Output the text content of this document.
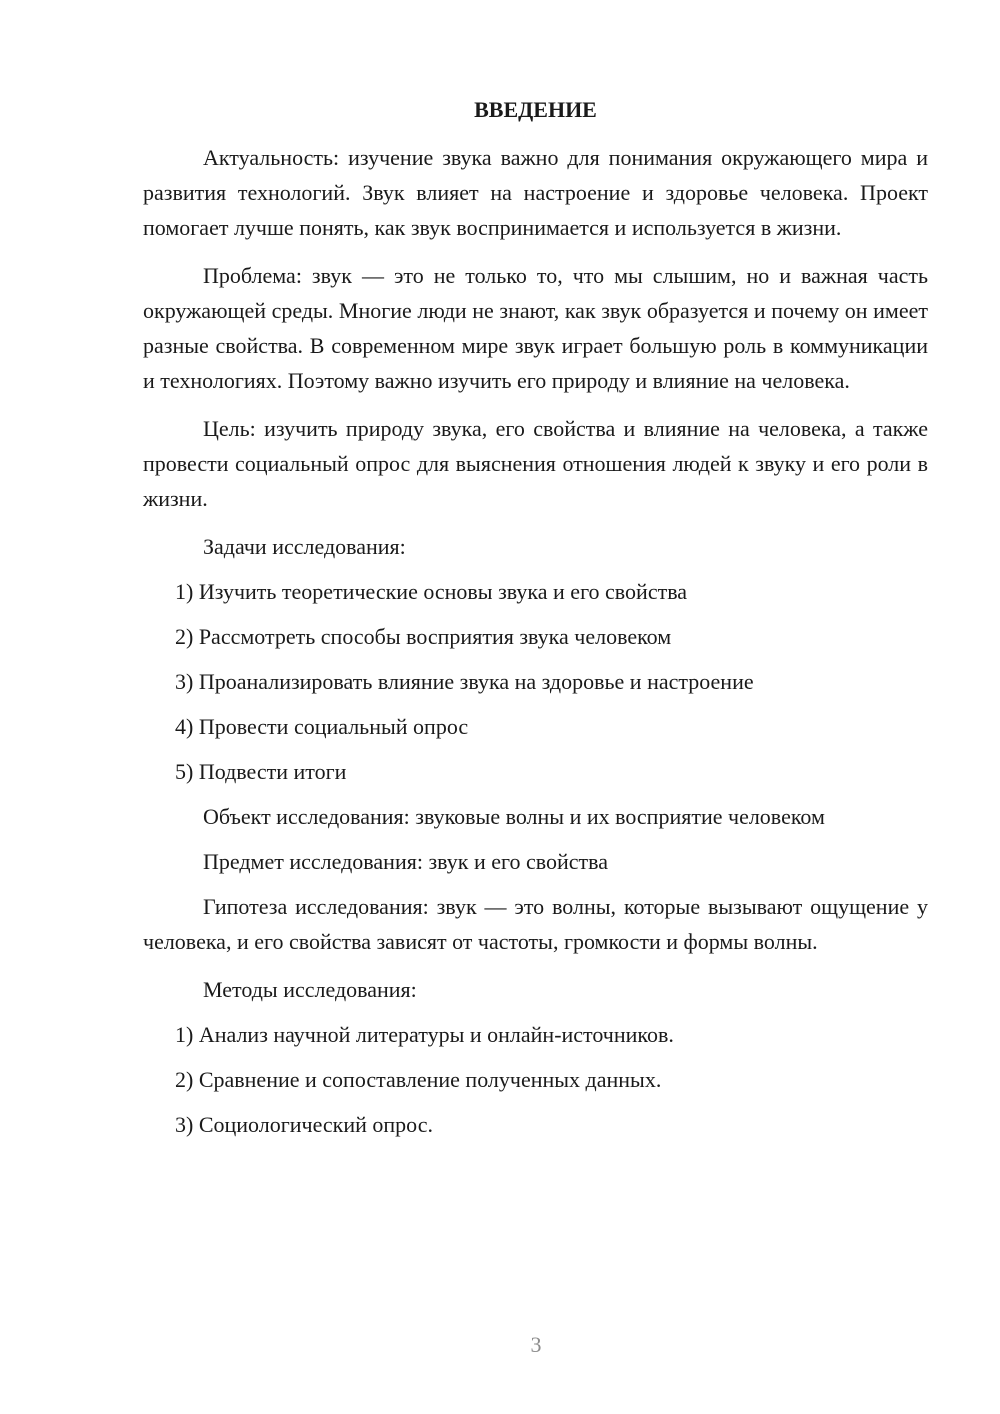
ВВЕДЕНИЕ

Актуальность: изучение звука важно для понимания окружающего мира и развития технологий. Звук влияет на настроение и здоровье человека. Проект помогает лучше понять, как звук воспринимается и используется в жизни.

Проблема: звук — это не только то, что мы слышим, но и важная часть окружающей среды. Многие люди не знают, как звук образуется и почему он имеет разные свойства. В современном мире звук играет большую роль в коммуникации и технологиях. Поэтому важно изучить его природу и влияние на человека.

Цель: изучить природу звука, его свойства и влияние на человека, а также провести социальный опрос для выяснения отношения людей к звуку и его роли в жизни.

Задачи исследования:
1) Изучить теоретические основы звука и его свойства
2) Рассмотреть способы восприятия звука человеком
3) Проанализировать влияние звука на здоровье и настроение
4) Провести социальный опрос
5) Подвести итоги
Объект исследования: звуковые волны и их восприятие человеком
Предмет исследования: звук и его свойства

Гипотеза исследования: звук — это волны, которые вызывают ощущение у человека, и его свойства зависят от частоты, громкости и формы волны.

Методы исследования:
1) Анализ научной литературы и онлайн-источников.
2) Сравнение и сопоставление полученных данных.
3) Социологический опрос.
3
